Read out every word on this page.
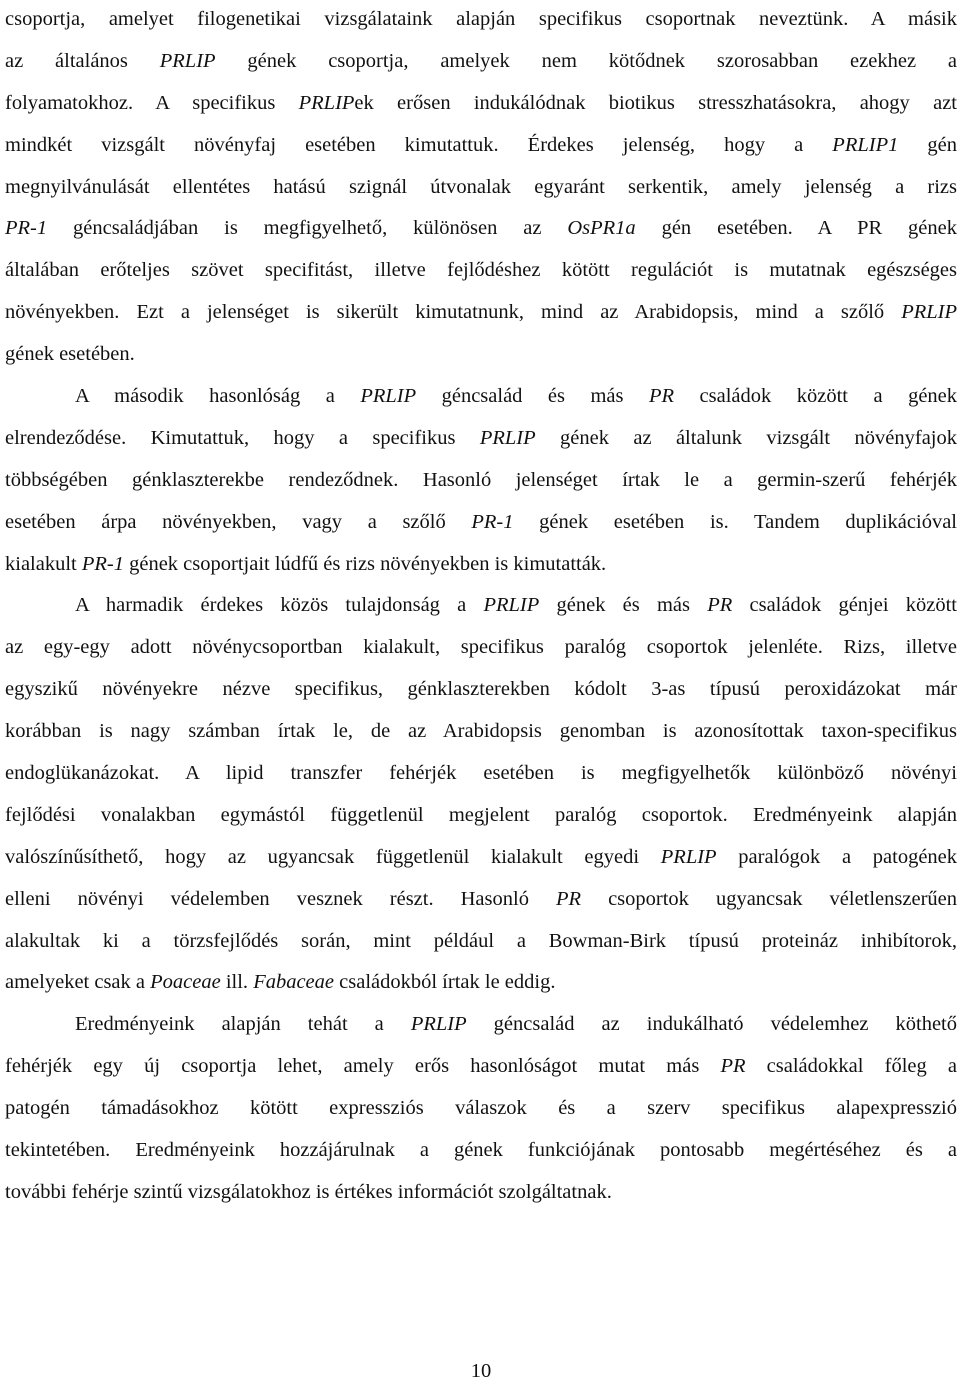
csoportja, amelyet filogenetikai vizsgálataink alapján specifikus csoportnak neveztünk. A másik
az általános PRLIP gének csoportja, amelyek nem kötődnek szorosabban ezekhez a
folyamatokhoz. A specifikus PRLIPek erősen indukálódnak biotikus stresszhatásokra, ahogy azt
mindkét vizsgált növényfaj esetében kimutattuk. Érdekes jelenség, hogy a PRLIP1 gén
megnyilvánulását ellentétes hatású szignál útvonalak egyaránt serkentik, amely jelenség a rizs
PR-1 géncsaládjában is megfigyelhető, különösen az OsPR1a gén esetében. A PR gének
általában erőteljes szövet specifitást, illetve fejlődéshez kötött regulációt is mutatnak egészséges
növényekben. Ezt a jelenséget is sikerült kimutatnunk, mind az Arabidopsis, mind a szőlő PRLIP
gének esetében.
A második hasonlóság a PRLIP géncsalád és más PR családok között a gének
elrendeződése. Kimutattuk, hogy a specifikus PRLIP gének az általunk vizsgált növényfajok
többségében génklaszterekbe rendeződnek. Hasonló jelenséget írtak le a germin-szerű fehérjék
esetében árpa növényekben, vagy a szőlő PR-1 gének esetében is. Tandem duplikációval
kialakult PR-1 gének csoportjait lúdfű és rizs növényekben is kimutatták.
A harmadik érdekes közös tulajdonság a PRLIP gének és más PR családok génjei között
az egy-egy adott növénycsoportban kialakult, specifikus paralóg csoportok jelenléte. Rizs, illetve
egyszikű növényekre nézve specifikus, génklaszterekben kódolt 3-as típusú peroxidázokat már
korábban is nagy számban írtak le, de az Arabidopsis genomban is azonosítottak taxon-specifikus
endoglükanázokat. A lipid transzfer fehérjék esetében is megfigyelhetők különböző növényi
fejlődési vonalakban egymástól függetlenül megjelent paralóg csoportok. Eredményeink alapján
valószínűsíthető, hogy az ugyancsak függetlenül kialakult egyedi PRLIP paralógok a patogének
elleni növényi védelemben vesznek részt. Hasonló PR csoportok ugyancsak véletlenszerűen
alakultak ki a törzsfejlődés során, mint például a Bowman-Birk típusú proteináz inhibítorok,
amelyeket csak a Poaceae ill. Fabaceae családokból írtak le eddig.
Eredményeink alapján tehát a PRLIP géncsalád az indukálható védelemhez köthető
fehérjék egy új csoportja lehet, amely erős hasonlóságot mutat más PR családokkal főleg a
patogén támadásokhoz kötött expressziós válaszok és a szerv specifikus alapexpresszió
tekintetében. Eredményeink hozzájárulnak a gének funkciójának pontosabb megértéséhez és a
további fehérje szintű vizsgálatokhoz is értékes információt szolgáltatnak.
10
